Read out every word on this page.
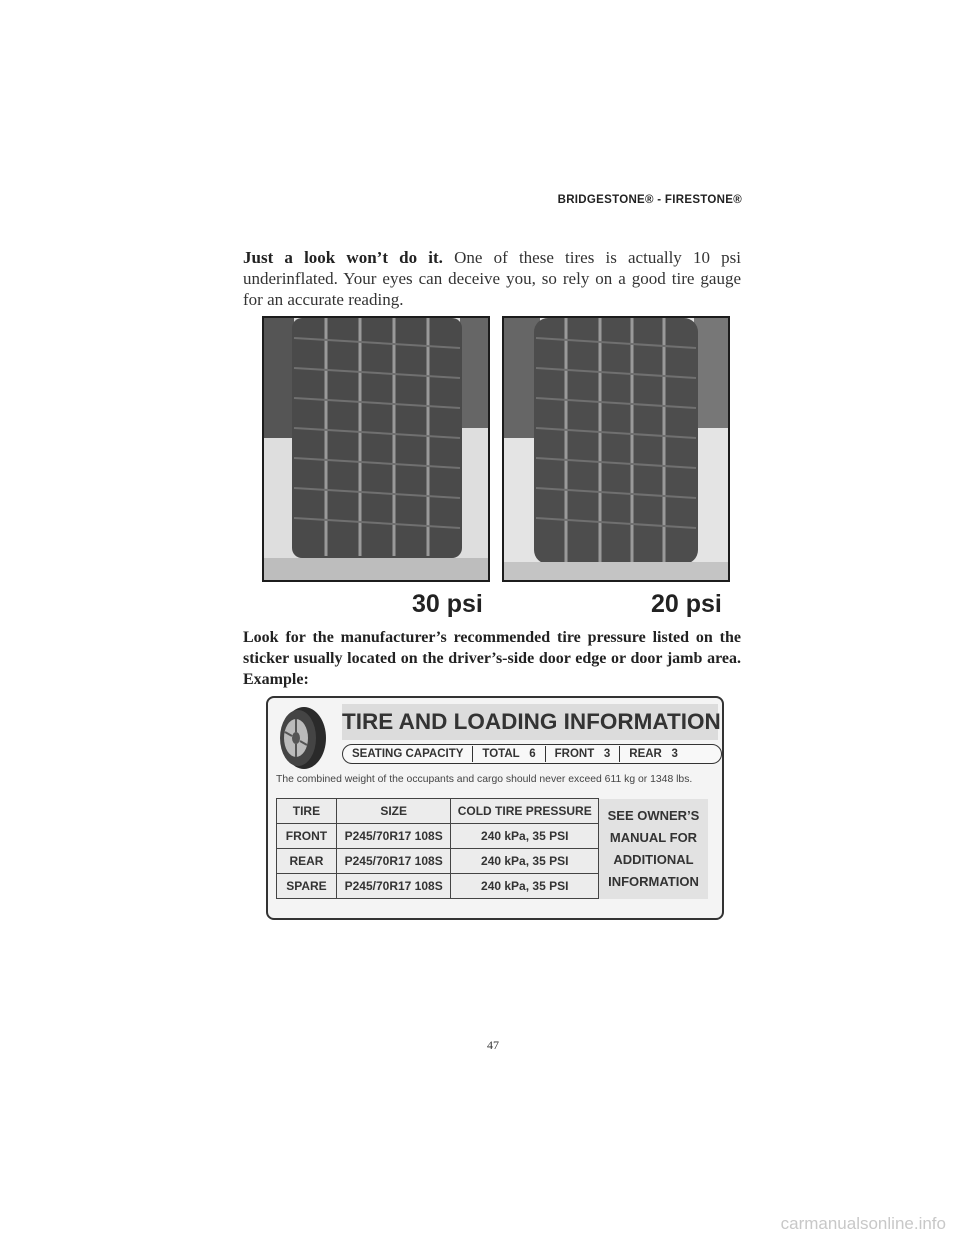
BRIDGESTONE® - FIRESTONE®

Just a look won’t do it. One of these tires is actually 10 psi underinflated. Your eyes can deceive you, so rely on a good tire gauge for an accurate reading.

30 psi	20 psi

Look for the manufacturer’s recommended tire pressure listed on the sticker usually located on the driver’s-side door edge or door jamb area. Example:

TIRE AND LOADING INFORMATION
SEATING CAPACITY	TOTAL 6	FRONT 3	REAR 3
The combined weight of the occupants and cargo should never exceed 611 kg or 1348 lbs.
TIRE	SIZE	COLD TIRE PRESSURE	SEE OWNER’S
MANUAL FOR
ADDITIONAL
INFORMATION

FRONT	P245/70R17 108S	240 kPa, 35 PSI	
REAR	P245/70R17 108S	240 kPa, 35 PSI	
SPARE	P245/70R17 108S	240 kPa, 35 PSI	
47
carmanualsonline.info
